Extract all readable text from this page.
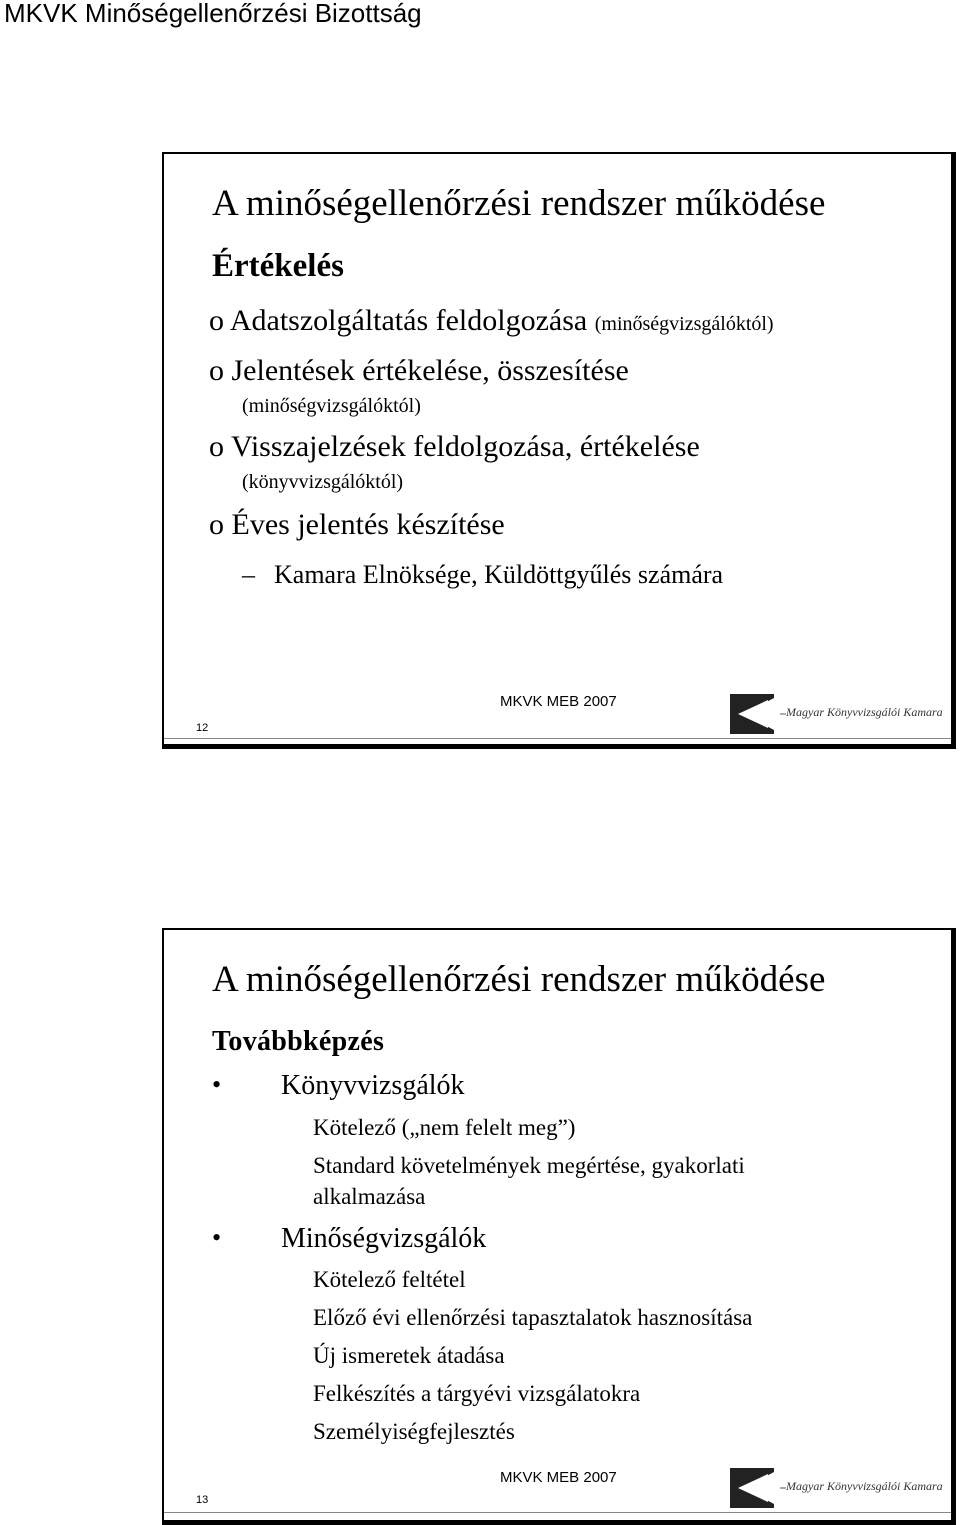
MKVK Minőségellenőrzési Bizottság
A minőségellenőrzési rendszer működése
Értékelés
o Adatszolgáltatás feldolgozása (minőségvizsgálóktól)
o Jelentések értékelése, összesítése
(minőségvizsgálóktól)
o Visszajelzések feldolgozása, értékelése
(könyvvizsgálóktól)
o Éves jelentés készítése
– Kamara Elnöksége, Küldöttgyűlés számára
MKVK MEB 2007
12
Magyar Könyvvizsgálói Kamara
A minőségellenőrzési rendszer működése
Továbbképzés
• Könyvvizsgálók
Kötelező („nem felelt meg”)
Standard követelmények megértése, gyakorlati
alkalmazása
• Minőségvizsgálók
Kötelező feltétel
Előző évi ellenőrzési tapasztalatok hasznosítása
Új ismeretek átadása
Felkészítés a tárgyévi vizsgálatokra
Személyiségfejlesztés
MKVK MEB 2007
13
Magyar Könyvvizsgálói Kamara
